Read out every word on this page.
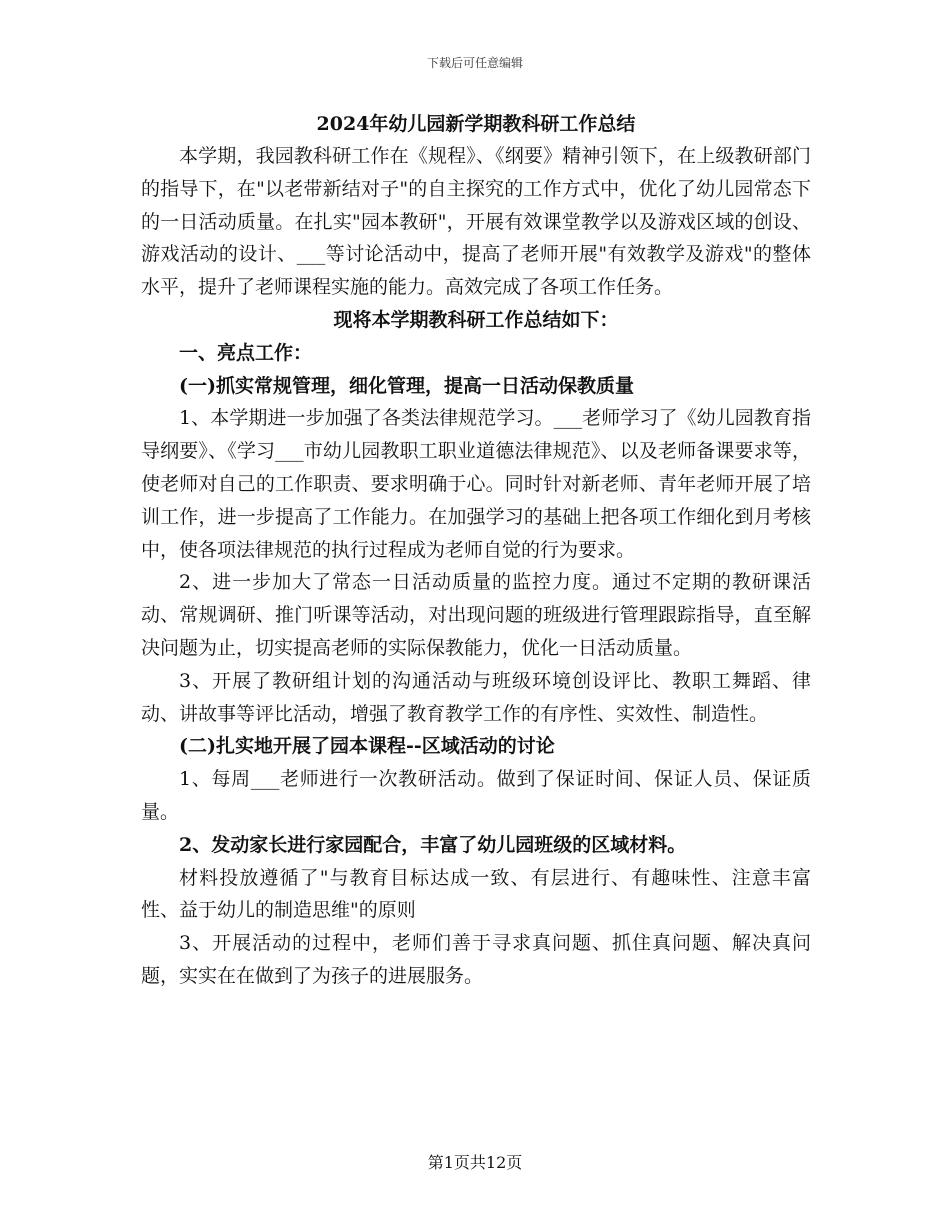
下载后可任意编辑

2024年幼儿园新学期教科研工作总结

本学期，我园教科研工作在《规程》、《纲要》精神引领下，在上级教研部门的指导下，在"以老带新结对子"的自主探究的工作方式中，优化了幼儿园常态下的一日活动质量。在扎实"园本教研"，开展有效课堂教学以及游戏区域的创设、游戏活动的设计、___等讨论活动中，提高了老师开展"有效教学及游戏"的整体水平，提升了老师课程实施的能力。高效完成了各项工作任务。

现将本学期教科研工作总结如下：

一、亮点工作：

(一)抓实常规管理，细化管理，提高一日活动保教质量

1、本学期进一步加强了各类法律规范学习。___老师学习了《幼儿园教育指导纲要》、《学习___市幼儿园教职工职业道德法律规范》、以及老师备课要求等，使老师对自己的工作职责、要求明确于心。同时针对新老师、青年老师开展了培训工作，进一步提高了工作能力。在加强学习的基础上把各项工作细化到月考核中，使各项法律规范的执行过程成为老师自觉的行为要求。

2、进一步加大了常态一日活动质量的监控力度。通过不定期的教研课活动、常规调研、推门听课等活动，对出现问题的班级进行管理跟踪指导，直至解决问题为止，切实提高老师的实际保教能力，优化一日活动质量。

3、开展了教研组计划的沟通活动与班级环境创设评比、教职工舞蹈、律动、讲故事等评比活动，增强了教育教学工作的有序性、实效性、制造性。

(二)扎实地开展了园本课程--区域活动的讨论

1、每周___老师进行一次教研活动。做到了保证时间、保证人员、保证质量。

2、发动家长进行家园配合，丰富了幼儿园班级的区域材料。

材料投放遵循了"与教育目标达成一致、有层进行、有趣味性、注意丰富性、益于幼儿的制造思维"的原则

3、开展活动的过程中，老师们善于寻求真问题、抓住真问题、解决真问题，实实在在做到了为孩子的进展服务。

第1页共12页
